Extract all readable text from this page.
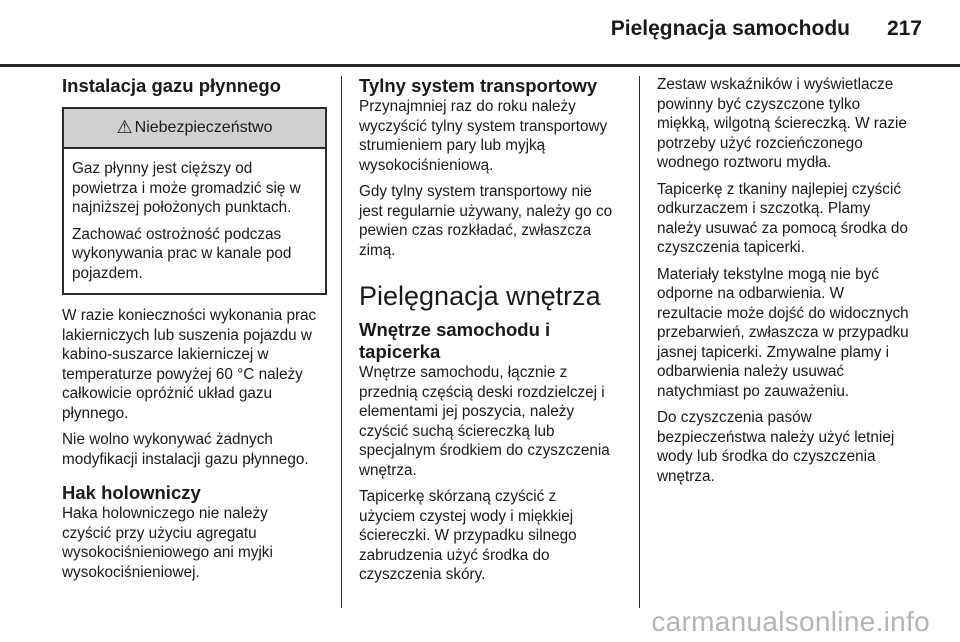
Pielęgnacja samochodu 217
Instalacja gazu płynnego
⚠ Niebezpieczeństwo

Gaz płynny jest cięższy od
powietrza i może gromadzić się w
najniższej położonych punktach.

Zachować ostrożność podczas
wykonywania prac w kanale pod
pojazdem.

W razie konieczności wykonania prac
lakierniczych lub suszenia pojazdu w
kabino-suszarce lakierniczej w
temperaturze powyżej 60 °C należy
całkowicie opróżnić układ gazu
płynnego.

Nie wolno wykonywać żadnych
modyfikacji instalacji gazu płynnego.

Hak holowniczy

Haka holowniczego nie należy
czyścić przy użyciu agregatu
wysokociśnieniowego ani myjki
wysokociśnieniowej.

Tylny system transportowy

Przynajmniej raz do roku należy
wyczyścić tylny system transportowy
strumieniem pary lub myjką
wysokociśnieniową.

Gdy tylny system transportowy nie
jest regularnie używany, należy go co
pewien czas rozkładać, zwłaszcza
zimą.

Pielęgnacja wnętrza
Wnętrze samochodu i tapicerka

Wnętrze samochodu, łącznie z
przednią częścią deski rozdzielczej i
elementami jej poszycia, należy
czyścić suchą ściereczką lub
specjalnym środkiem do czyszczenia
wnętrza.

Tapicerkę skórzaną czyścić z
użyciem czystej wody i miękkiej
ściereczki. W przypadku silnego
zabrudzenia użyć środka do
czyszczenia skóry.

Zestaw wskaźników i wyświetlacze
powinny być czyszczone tylko
miękką, wilgotną ściereczką. W razie
potrzeby użyć rozcieńczonego
wodnego roztworu mydła.

Tapicerkę z tkaniny najlepiej czyścić
odkurzaczem i szczotką. Plamy
należy usuwać za pomocą środka do
czyszczenia tapicerki.

Materiały tekstylne mogą nie być
odporne na odbarwienia. W
rezultacie może dojść do widocznych
przebarwień, zwłaszcza w przypadku
jasnej tapicerki. Zmywalne plamy i
odbarwienia należy usuwać
natychmiast po zauważeniu.

Do czyszczenia pasów
bezpieczeństwa należy użyć letniej
wody lub środka do czyszczenia
wnętrza.

carmanualsonline.info
